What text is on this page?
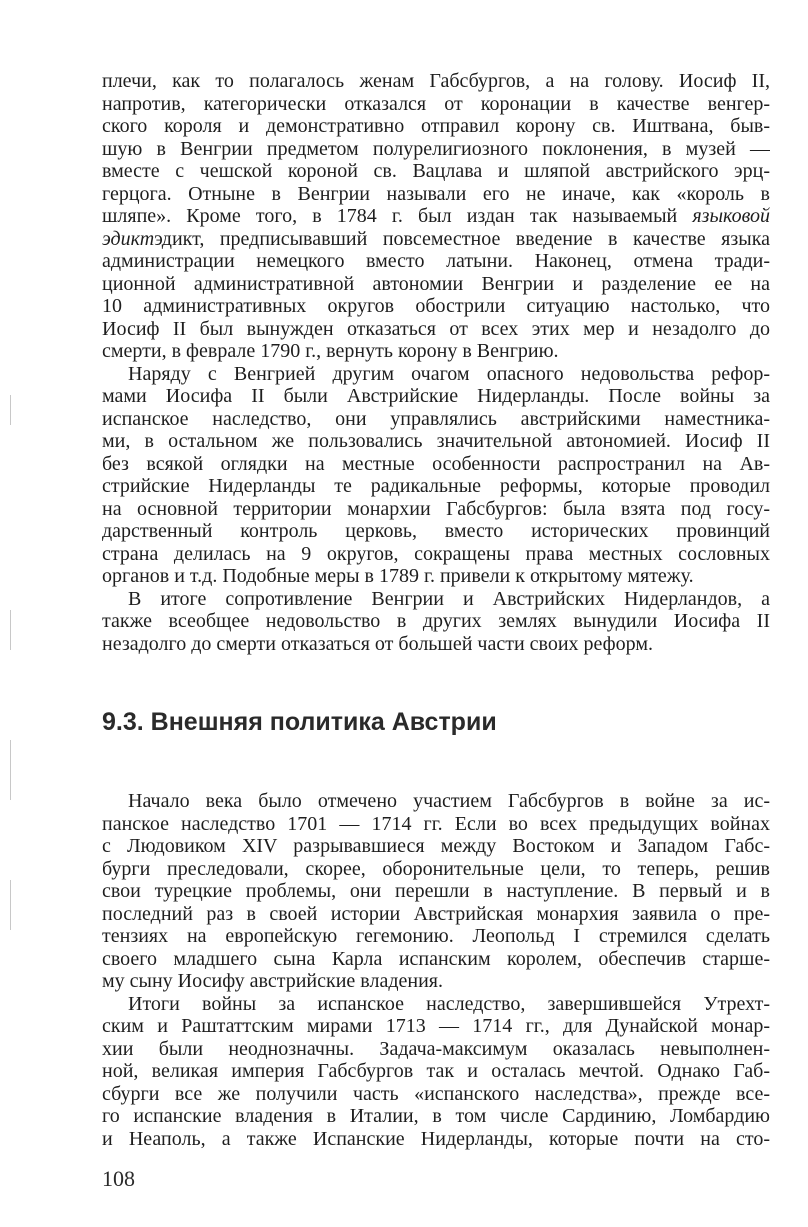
плечи, как то полагалось женам Габсбургов, а на голову. Иосиф II,
напротив, категорически отказался от коронации в качестве венгер-
ского короля и демонстративно отправил корону св. Иштвана, быв-
шую в Венгрии предметом полурелигиозного поклонения, в музей —
вместе с чешской короной св. Вацлава и шляпой австрийского эрц-
герцога. Отныне в Венгрии называли его не иначе, как «король в
шляпе». Кроме того, в 1784 г. был издан так называемый языковой
эдиктэдикт, предписывавший повсеместное введение в качестве языка
администрации немецкого вместо латыни. Наконец, отмена тради-
ционной административной автономии Венгрии и разделение ее на
10 административных округов обострили ситуацию настолько, что
Иосиф II был вынужден отказаться от всех этих мер и незадолго до
смерти, в феврале 1790 г., вернуть корону в Венгрию.
Наряду с Венгрией другим очагом опасного недовольства рефор-
мами Иосифа II были Австрийские Нидерланды. После войны за
испанское наследство, они управлялись австрийскими наместника-
ми, в остальном же пользовались значительной автономией. Иосиф II
без всякой оглядки на местные особенности распространил на Ав-
стрийские Нидерланды те радикальные реформы, которые проводил
на основной территории монархии Габсбургов: была взята под госу-
дарственный контроль церковь, вместо исторических провинций
страна делилась на 9 округов, сокращены права местных сословных
органов и т.д. Подобные меры в 1789 г. привели к открытому мятежу.
В итоге сопротивление Венгрии и Австрийских Нидерландов, а
также всеобщее недовольство в других землях вынудили Иосифа II
незадолго до смерти отказаться от большей части своих реформ.
9.3. Внешняя политика Австрии
Начало века было отмечено участием Габсбургов в войне за ис-
панское наследство 1701 — 1714 гг. Если во всех предыдущих войнах
с Людовиком XIV разрывавшиеся между Востоком и Западом Габс-
бурги преследовали, скорее, оборонительные цели, то теперь, решив
свои турецкие проблемы, они перешли в наступление. В первый и в
последний раз в своей истории Австрийская монархия заявила о пре-
тензиях на европейскую гегемонию. Леопольд I стремился сделать
своего младшего сына Карла испанским королем, обеспечив старше-
му сыну Иосифу австрийские владения.
Итоги войны за испанское наследство, завершившейся Утрехт-
ским и Раштаттским мирами 1713 — 1714 гг., для Дунайской монар-
хии были неоднозначны. Задача-максимум оказалась невыполнен-
ной, великая империя Габсбургов так и осталась мечтой. Однако Габ-
сбурги все же получили часть «испанского наследства», прежде все-
го испанские владения в Италии, в том числе Сардинию, Ломбардию
и Неаполь, а также Испанские Нидерланды, которые почти на сто-
108
